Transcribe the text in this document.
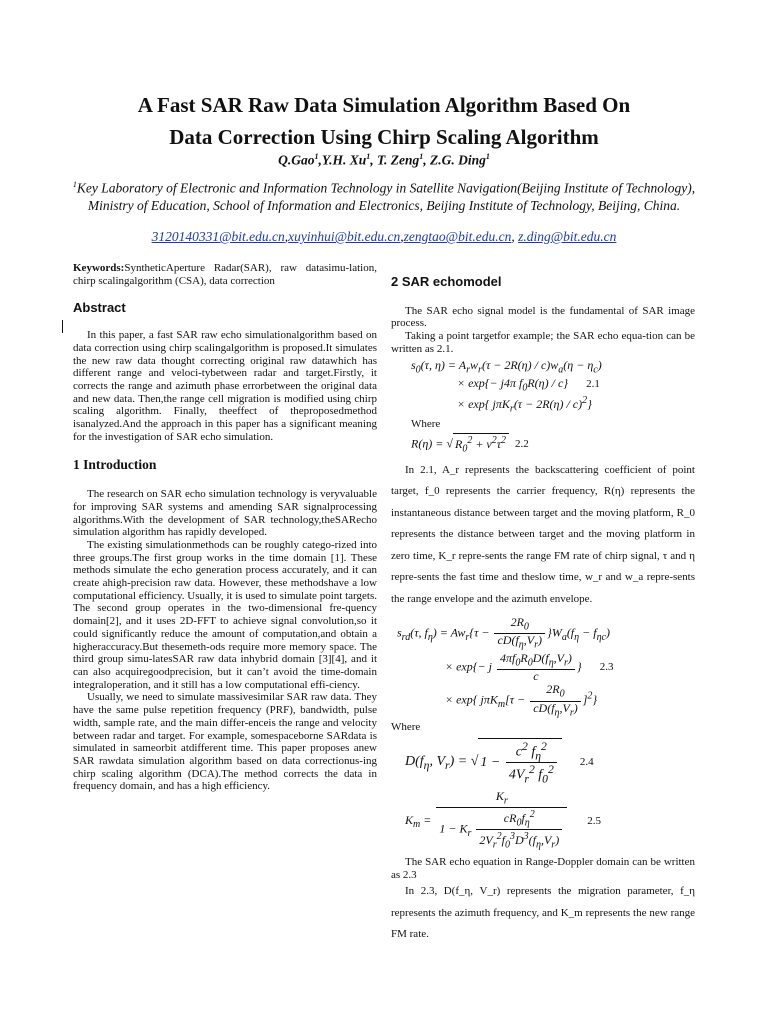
A Fast SAR Raw Data Simulation Algorithm Based On
Data Correction Using Chirp Scaling Algorithm
Q.Gao$^1$,Y.H. Xu$^1$, T. Zeng$^1$, Z.G. Ding$^1$
$^1$Key Laboratory of Electronic and Information Technology in Satellite Navigation(Beijing Institute of Technology), Ministry of Education, School of Information and Electronics, Beijing Institute of Technology, Beijing, China.
3120140331@bit.edu.cn,xuyinhui@bit.edu.cn,zengtao@bit.edu.cn, z.ding@bit.edu.cn

Keywords:SyntheticAperture Radar(SAR), raw datasimu-lation, chirp scalingalgorithm (CSA), data correction

Abstract

In this paper, a fast SAR raw echo simulationalgorithm based on data correction using chirp scalingalgorithm is proposed.It simulates the new raw data thought correcting original raw datawhich has different range and veloci-tybetween radar and target.Firstly, it corrects the range and azimuth phase errorbetween the original data and new data. Then,the range cell migration is modified using chirp scaling algorithm. Finally, theeffect of theproposedmethod isanalyzed.And the approach in this paper has a significant meaning for the investigation of SAR echo simulation.

1 Introduction

The research on SAR echo simulation technology is veryvaluable for improving SAR systems and amending SAR signalprocessing algorithms.With the development of SAR technology,theSARecho simulation algorithm has rapidly developed.

The existing simulationmethods can be roughly catego-rized into three groups.The first group works in the time domain [1]. These methods simulate the echo generation process accurately, and it can create ahigh-precision raw data. However, these methodshave a low computational efficiency. Usually, it is used to simulate point targets. The second group operates in the two-dimensional fre-quency domain[2], and it uses 2D-FFT to achieve signal convolution,so it could significantly reduce the amount of computation,and obtain a higheraccuracy.But thesemeth-ods require more memory space. The third group simu-latesSAR raw data inhybrid domain [3][4], and it can also acquiregoodprecision, but it can’t avoid the time-domain integraloperation, and it still has a low computational effi-ciency.

Usually, we need to simulate massivesimilar SAR raw data. They have the same pulse repetition frequency (PRF), bandwidth, pulse width, sample rate, and the main differ-enceis the range and velocity between radar and target. For example, somespaceborne SARdata is simulated in sameorbit atdifferent time. This paper proposes anew SAR rawdata simulation algorithm based on data correctionus-ing chirp scaling algorithm (DCA).The method corrects the data in frequency domain, and has a high efficiency.

2 SAR echomodel

The SAR echo signal model is the fundamental of SAR image process.

Taking a point targetfor example; the SAR echo equa-tion can be written as 2.1.

$s_0(\tau$, $\eta) = A_rw_r(\tau - 2R(\eta) / c)w_a(\eta - \eta_c)$
× exp{− j4π $f_0R(\eta) / c$} 2.1
× exp{ $j\pi K_r(\tau - 2R(\eta) / c)^2$}

Where

R(η) = √ $R_0^2 + v^2\tau^2$ 2.2

In 2.1, A_r represents the backscattering coefficient of point target, f_0 represents the carrier frequency, R(η) represents the instantaneous distance between target and the moving platform, R_0 represents the distance between target and the moving platform in zero time, K_r repre-sents the range FM rate of chirp signal, τ and η repre-sents the fast time and theslow time, w_r and w_a repre-sents the range envelope and the azimuth envelope.

$s_{rd}(\tau$, $f_\eta) = Aw_r\{\tau - \frac{2R_0}{cD(f_\eta,V_r)} \}W_a(f_\eta - f_{\eta c})$
× exp{− j $\frac{4\pi f_0R_0D(f_\eta,V_r)}{c}$ } 2.3
× exp{ $j\pi K_m[\tau - \frac{2R_0}{cD(f_\eta,V_r)} ]^2$}

Where

$D(f_\eta$, $V_r$) = √ $1 - \frac{c^2 f_\eta^2}{4V_r^2 f_0^2} 2.4$
$K_m = \frac{K_r}{1 - K_r \frac{cR_0f_\eta^2}{2V_r^2f_0^3D^3(f_\eta,V_r)}} 2.5$

The SAR echo equation in Range-Doppler domain can be written as 2.3

In 2.3, D(f_η, V_r) represents the migration parameter, f_η represents the azimuth frequency, and K_m represents the new range FM rate.
